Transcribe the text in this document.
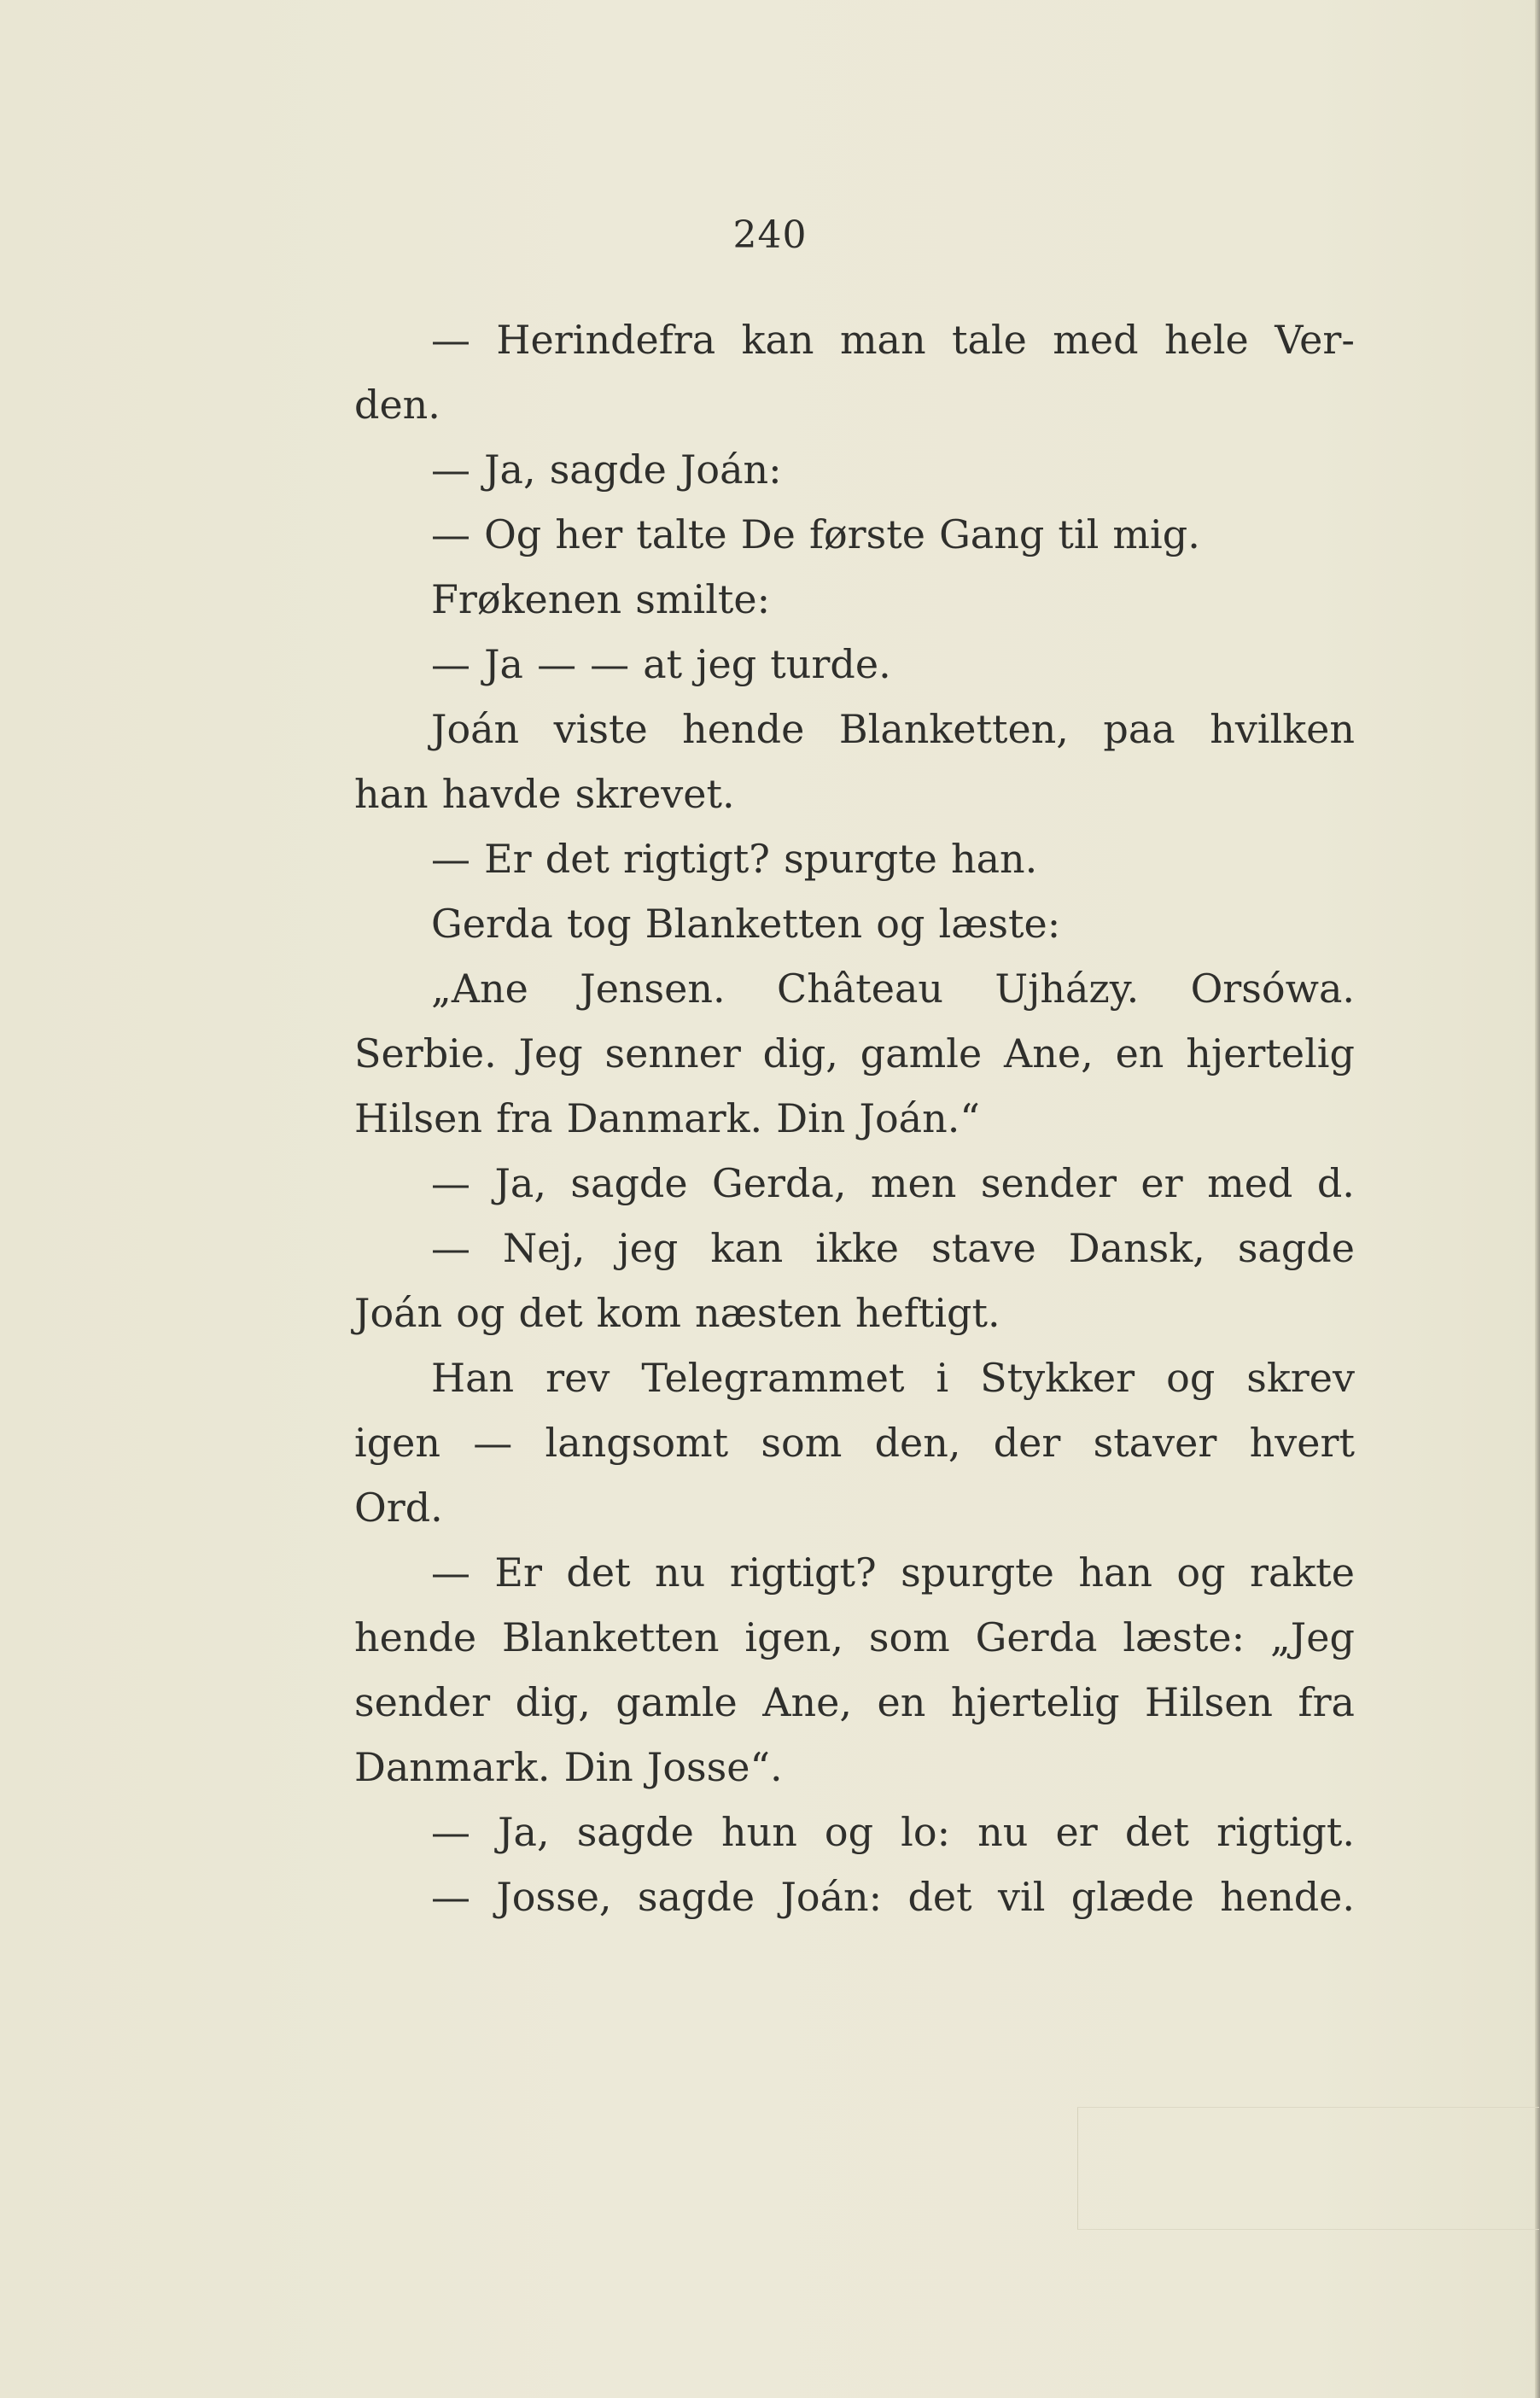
240
— Herindefra kan man tale med hele Ver-
den.
— Ja, sagde Joán:
— Og her talte De første Gang til mig.
Frøkenen smilte:
— Ja — — at jeg turde.
Joán viste hende Blanketten, paa hvilken
han havde skrevet.
— Er det rigtigt? spurgte han.
Gerda tog Blanketten og læste:
„Ane Jensen. Château Ujházy. Orsówa.
Serbie. Jeg senner dig, gamle Ane, en hjertelig
Hilsen fra Danmark. Din Joán.“
— Ja, sagde Gerda, men sender er med d.
— Nej, jeg kan ikke stave Dansk, sagde
Joán og det kom næsten heftigt.
Han rev Telegrammet i Stykker og skrev
igen — langsomt som den, der staver hvert
Ord.
— Er det nu rigtigt? spurgte han og rakte
hende Blanketten igen, som Gerda læste: „Jeg
sender dig, gamle Ane, en hjertelig Hilsen fra
Danmark. Din Josse“.
— Ja, sagde hun og lo: nu er det rigtigt.
— Josse, sagde Joán: det vil glæde hende.
